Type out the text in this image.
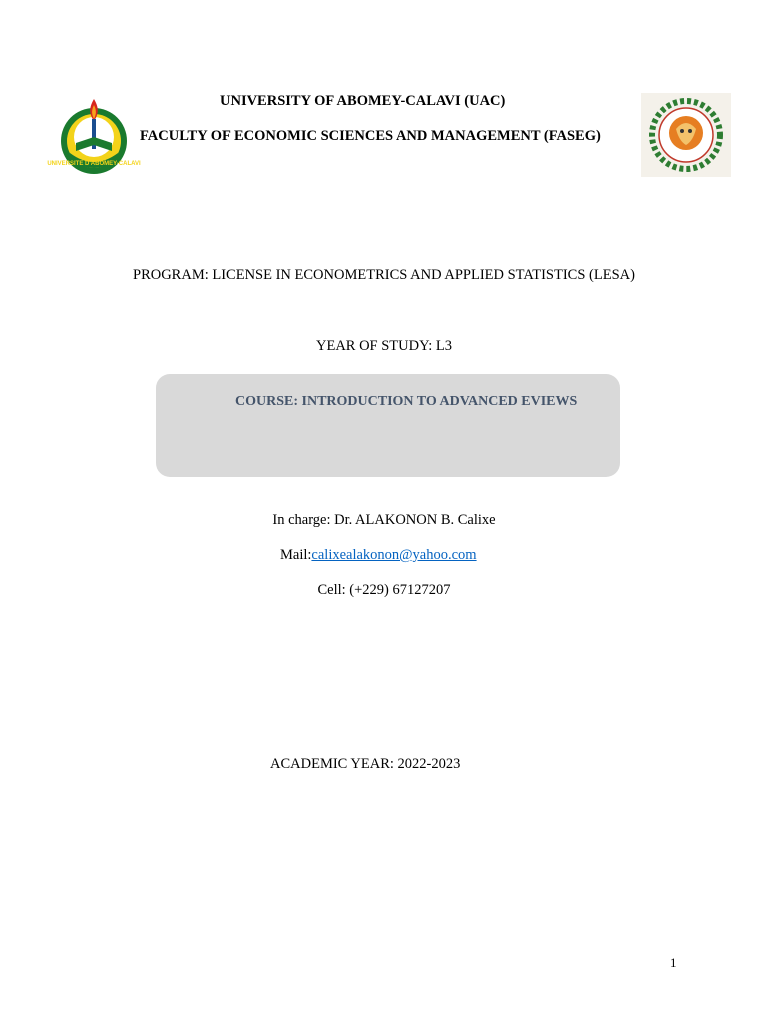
UNIVERSITE D'ABOMEY-CALAVI
UNIVERSITY OF ABOMEY-CALAVI (UAC)
FACULTY OF ECONOMIC SCIENCES AND MANAGEMENT (FASEG)
PROGRAM: LICENSE IN ECONOMETRICS AND APPLIED STATISTICS (LESA)
YEAR OF STUDY: L3
COURSE: INTRODUCTION TO ADVANCED EVIEWS
In charge: Dr. ALAKONON B. Calixe
Mail:calixealakonon@yahoo.com
Cell: (+229) 67127207
ACADEMIC YEAR: 2022-2023
1
